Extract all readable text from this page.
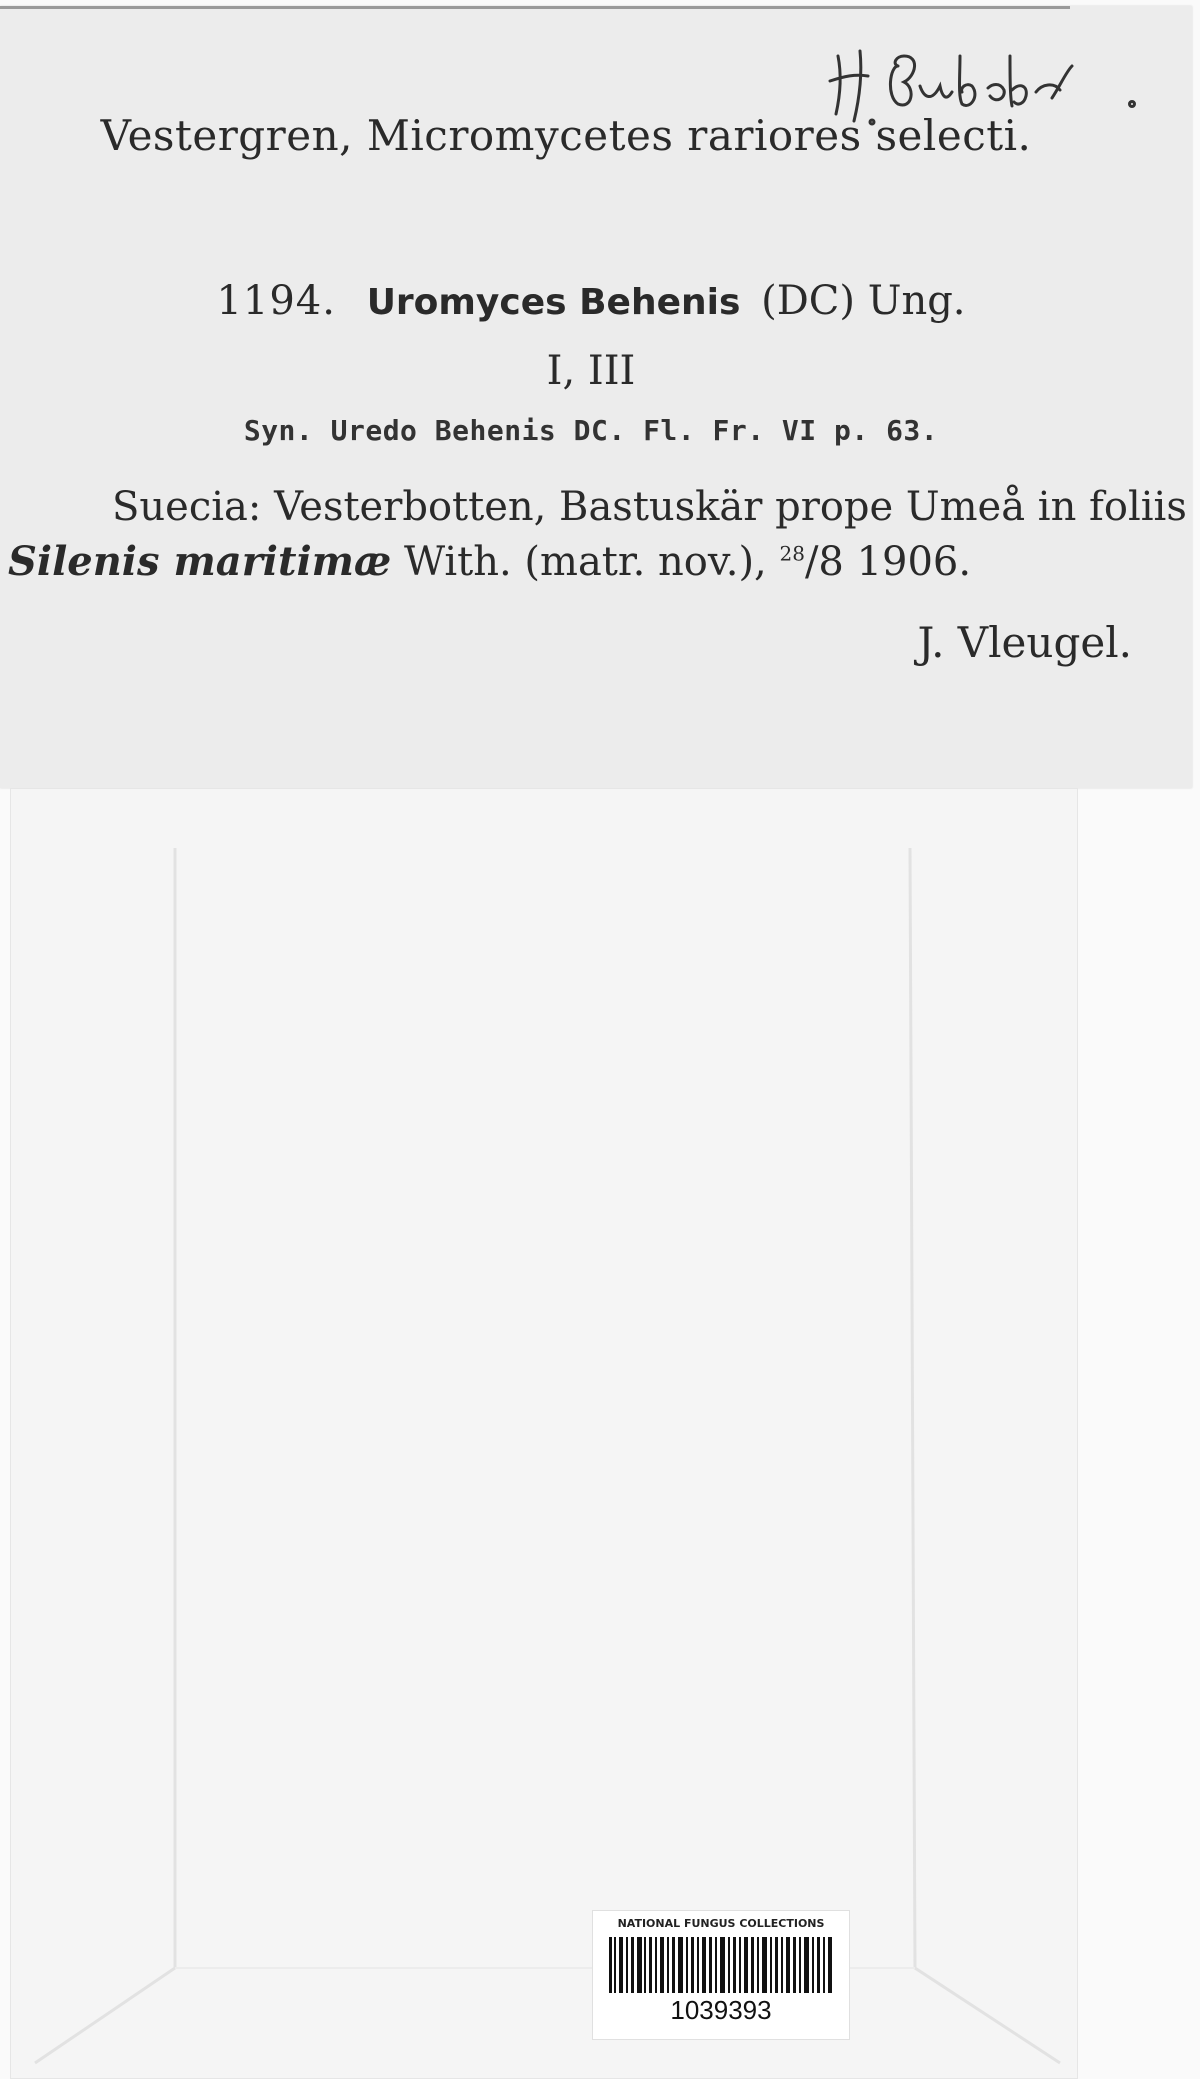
Vestergren, Micromycetes rariores selecti.
1194. Uromyces Behenis (DC) Ung.
I, III
Syn. Uredo Behenis DC. Fl. Fr. VI p. 63.
Suecia: Vesterbotten, Bastuskär prope Umeå in foliis
Silenis maritimæ With. (matr. nov.), $^{28}$/8 1906.
J. Vleugel.
NATIONAL FUNGUS COLLECTIONS
1039393
